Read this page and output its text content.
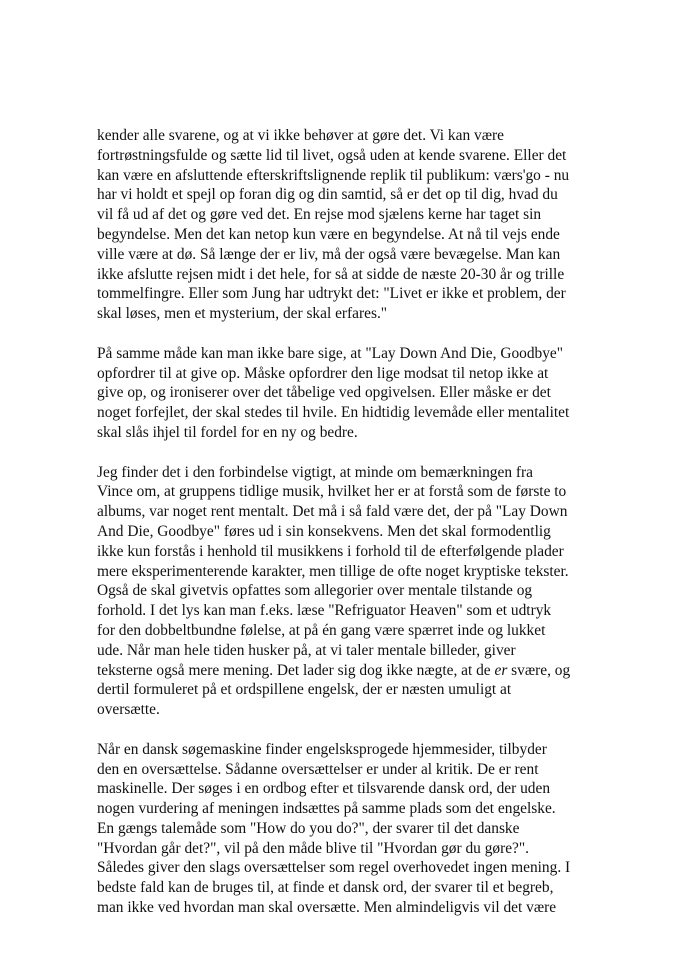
kender alle svarene, og at vi ikke behøver at gøre det. Vi kan være
fortrøstningsfulde og sætte lid til livet, også uden at kende svarene. Eller det
kan være en afsluttende efterskriftslignende replik til publikum: værs'go - nu
har vi holdt et spejl op foran dig og din samtid, så er det op til dig, hvad du
vil få ud af det og gøre ved det. En rejse mod sjælens kerne har taget sin
begyndelse. Men det kan netop kun være en begyndelse. At nå til vejs ende
ville være at dø. Så længe der er liv, må der også være bevægelse. Man kan
ikke afslutte rejsen midt i det hele, for så at sidde de næste 20-30 år og trille
tommelfingre. Eller som Jung har udtrykt det: "Livet er ikke et problem, der
skal løses, men et mysterium, der skal erfares."
På samme måde kan man ikke bare sige, at "Lay Down And Die, Goodbye"
opfordrer til at give op. Måske opfordrer den lige modsat til netop ikke at
give op, og ironiserer over det tåbelige ved opgivelsen. Eller måske er det
noget forfejlet, der skal stedes til hvile. En hidtidig levemåde eller mentalitet
skal slås ihjel til fordel for en ny og bedre.
Jeg finder det i den forbindelse vigtigt, at minde om bemærkningen fra
Vince om, at gruppens tidlige musik, hvilket her er at forstå som de første to
albums, var noget rent mentalt. Det må i så fald være det, der på "Lay Down
And Die, Goodbye" føres ud i sin konsekvens. Men det skal formodentlig
ikke kun forstås i henhold til musikkens i forhold til de efterfølgende plader
mere eksperimenterende karakter, men tillige de ofte noget kryptiske tekster.
Også de skal givetvis opfattes som allegorier over mentale tilstande og
forhold. I det lys kan man f.eks. læse "Refriguator Heaven" som et udtryk
for den dobbeltbundne følelse, at på én gang være spærret inde og lukket
ude. Når man hele tiden husker på, at vi taler mentale billeder, giver
teksterne også mere mening. Det lader sig dog ikke nægte, at de er svære, og
dertil formuleret på et ordspillene engelsk, der er næsten umuligt at
oversætte.
Når en dansk søgemaskine finder engelsksprogede hjemmesider, tilbyder
den en oversættelse. Sådanne oversættelser er under al kritik. De er rent
maskinelle. Der søges i en ordbog efter et tilsvarende dansk ord, der uden
nogen vurdering af meningen indsættes på samme plads som det engelske.
En gængs talemåde som "How do you do?", der svarer til det danske
"Hvordan går det?", vil på den måde blive til "Hvordan gør du gøre?".
Således giver den slags oversættelser som regel overhovedet ingen mening. I
bedste fald kan de bruges til, at finde et dansk ord, der svarer til et begreb,
man ikke ved hvordan man skal oversætte. Men almindeligvis vil det være
